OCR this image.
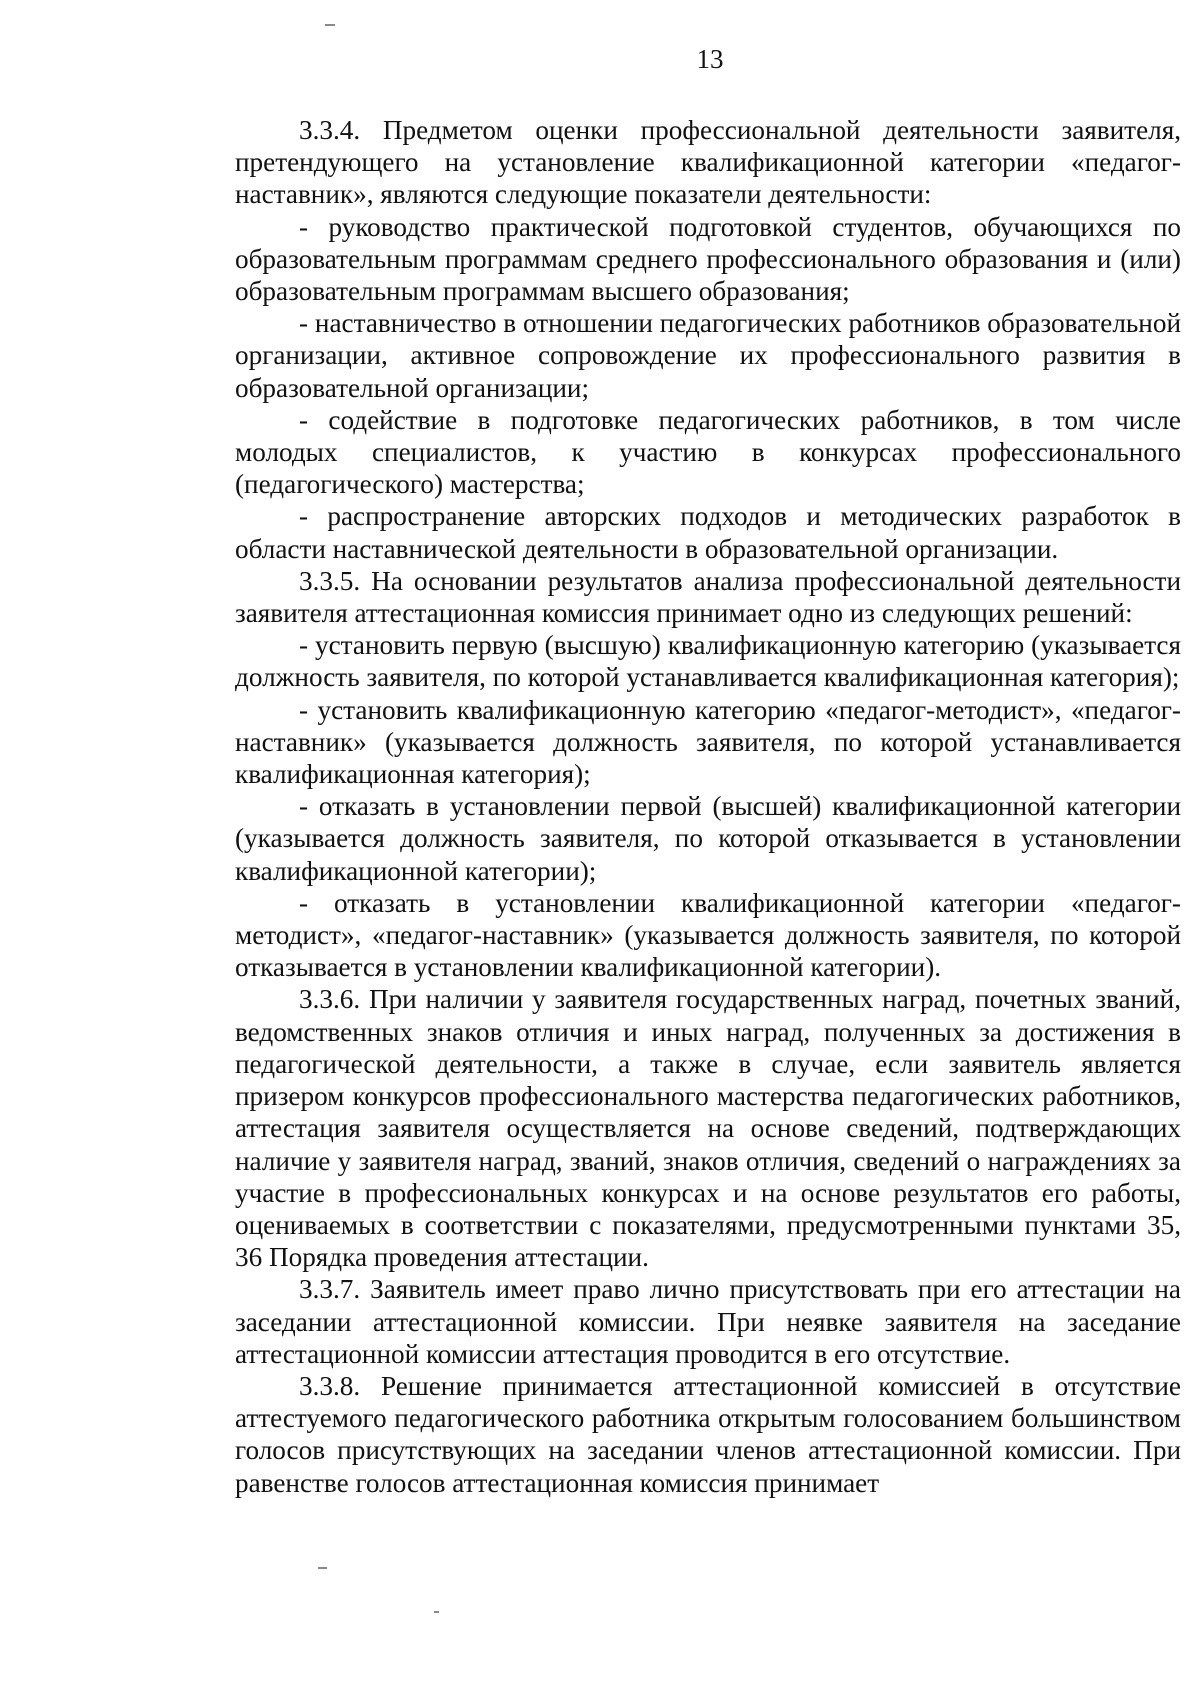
13

3.3.4. Предметом оценки профессиональной деятельности заявителя, претендующего на установление квалификационной категории «педагог-наставник», являются следующие показатели деятельности:

- руководство практической подготовкой студентов, обучающихся по образовательным программам среднего профессионального образования и (или) образовательным программам высшего образования;

- наставничество в отношении педагогических работников образовательной организации, активное сопровождение их профессионального развития в образовательной организации;

- содействие в подготовке педагогических работников, в том числе молодых специалистов, к участию в конкурсах профессионального (педагогического) мастерства;

- распространение авторских подходов и методических разработок в области наставнической деятельности в образовательной организации.

3.3.5. На основании результатов анализа профессиональной деятельности заявителя аттестационная комиссия принимает одно из следующих решений:

- установить первую (высшую) квалификационную категорию (указывается должность заявителя, по которой устанавливается квалификационная категория);

- установить квалификационную категорию «педагог-методист», «педагог-наставник» (указывается должность заявителя, по которой устанавливается квалификационная категория);

- отказать в установлении первой (высшей) квалификационной категории (указывается должность заявителя, по которой отказывается в установлении квалификационной категории);

- отказать в установлении квалификационной категории «педагог-методист», «педагог-наставник» (указывается должность заявителя, по которой отказывается в установлении квалификационной категории).

3.3.6. При наличии у заявителя государственных наград, почетных званий, ведомственных знаков отличия и иных наград, полученных за достижения в педагогической деятельности, а также в случае, если заявитель является призером конкурсов профессионального мастерства педагогических работников, аттестация заявителя осуществляется на основе сведений, подтверждающих наличие у заявителя наград, званий, знаков отличия, сведений о награждениях за участие в профессиональных конкурсах и на основе результатов его работы, оцениваемых в соответствии с показателями, предусмотренными пунктами 35, 36 Порядка проведения аттестации.

3.3.7. Заявитель имеет право лично присутствовать при его аттестации на заседании аттестационной комиссии. При неявке заявителя на заседание аттестационной комиссии аттестация проводится в его отсутствие.

3.3.8. Решение принимается аттестационной комиссией в отсутствие аттестуемого педагогического работника открытым голосованием большинством голосов присутствующих на заседании членов аттестационной комиссии. При равенстве голосов аттестационная комиссия принимает
